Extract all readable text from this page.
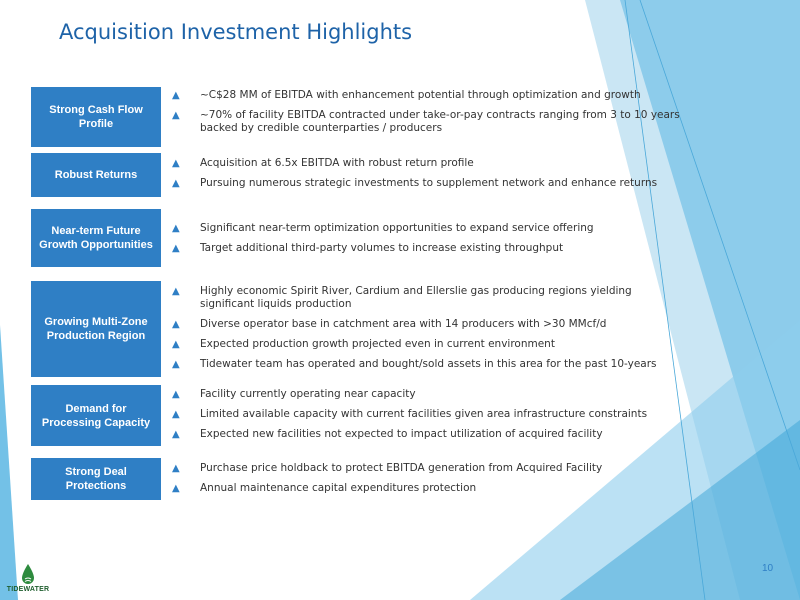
Acquisition Investment Highlights
Strong Cash Flow Profile
▲	~C$28 MM of EBITDA with enhancement potential through optimization and growth
▲	~70% of facility EBITDA contracted under take-or-pay contracts ranging from 3 to 10 years backed by credible counterparties / producers
Robust Returns
▲	Acquisition at 6.5x EBITDA with robust return profile
▲	Pursuing numerous strategic investments to supplement network and enhance returns
Near-term Future Growth Opportunities
▲	Significant near-term optimization opportunities to expand service offering
▲	Target additional third-party volumes to increase existing throughput
Growing Multi-Zone Production Region
▲	Highly economic Spirit River, Cardium and Ellerslie gas producing regions yielding significant liquids production
▲	Diverse operator base in catchment area with 14 producers with >30 MMcf/d
▲	Expected production growth projected even in current environment
▲	Tidewater team has operated and bought/sold assets in this area for the past 10-years
Demand for Processing Capacity
▲	Facility currently operating near capacity
▲	Limited available capacity with current facilities given area infrastructure constraints
▲	Expected new facilities not expected to impact utilization of acquired facility
Strong Deal Protections
▲	Purchase price holdback to protect EBITDA generation from Acquired Facility
▲	Annual maintenance capital expenditures protection
10
TIDEWATER
